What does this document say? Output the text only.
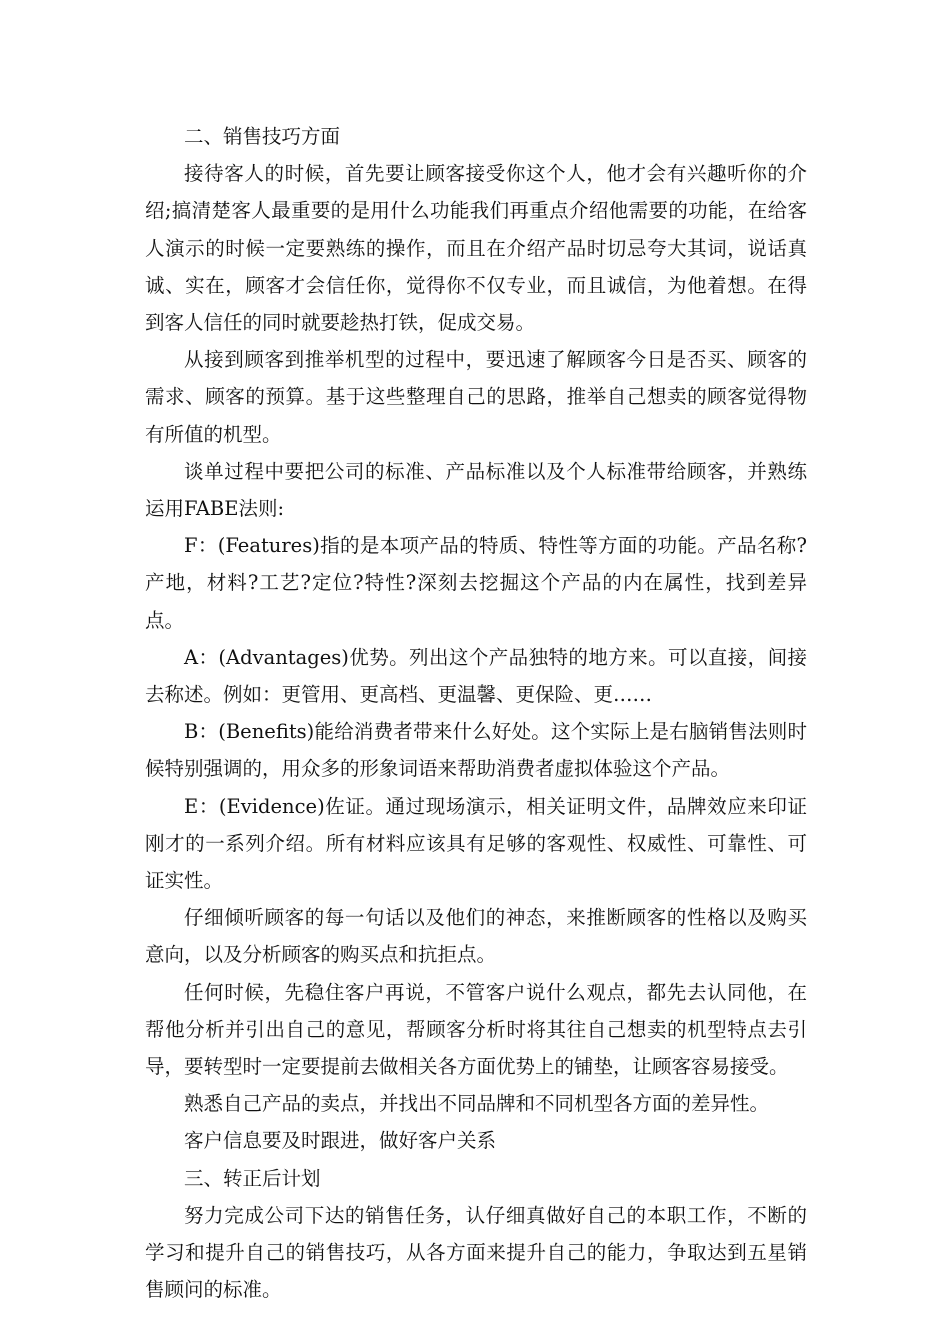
二、销售技巧方面

接待客人的时候，首先要让顾客接受你这个人，他才会有兴趣听你的介绍;搞清楚客人最重要的是用什么功能我们再重点介绍他需要的功能，在给客人演示的时候一定要熟练的操作，而且在介绍产品时切忌夸大其词，说话真诚、实在，顾客才会信任你，觉得你不仅专业，而且诚信，为他着想。在得到客人信任的同时就要趁热打铁，促成交易。

从接到顾客到推举机型的过程中，要迅速了解顾客今日是否买、顾客的需求、顾客的预算。基于这些整理自己的思路，推举自己想卖的顾客觉得物有所值的机型。

谈单过程中要把公司的标准、产品标准以及个人标准带给顾客，并熟练运用FABE法则:

F：(Features)指的是本项产品的特质、特性等方面的功能。产品名称?产地，材料?工艺?定位?特性?深刻去挖掘这个产品的内在属性，找到差异点。

A：(Advantages)优势。列出这个产品独特的地方来。可以直接，间接去称述。例如：更管用、更高档、更温馨、更保险、更……

B：(Benefits)能给消费者带来什么好处。这个实际上是右脑销售法则时候特别强调的，用众多的形象词语来帮助消费者虚拟体验这个产品。

E：(Evidence)佐证。通过现场演示，相关证明文件，品牌效应来印证刚才的一系列介绍。所有材料应该具有足够的客观性、权威性、可靠性、可证实性。

仔细倾听顾客的每一句话以及他们的神态，来推断顾客的性格以及购买意向，以及分析顾客的购买点和抗拒点。

任何时候，先稳住客户再说，不管客户说什么观点，都先去认同他，在帮他分析并引出自己的意见，帮顾客分析时将其往自己想卖的机型特点去引导，要转型时一定要提前去做相关各方面优势上的铺垫，让顾客容易接受。

熟悉自己产品的卖点，并找出不同品牌和不同机型各方面的差异性。

客户信息要及时跟进，做好客户关系

三、转正后计划

努力完成公司下达的销售任务，认仔细真做好自己的本职工作，不断的学习和提升自己的销售技巧，从各方面来提升自己的能力，争取达到五星销售顾问的标准。
